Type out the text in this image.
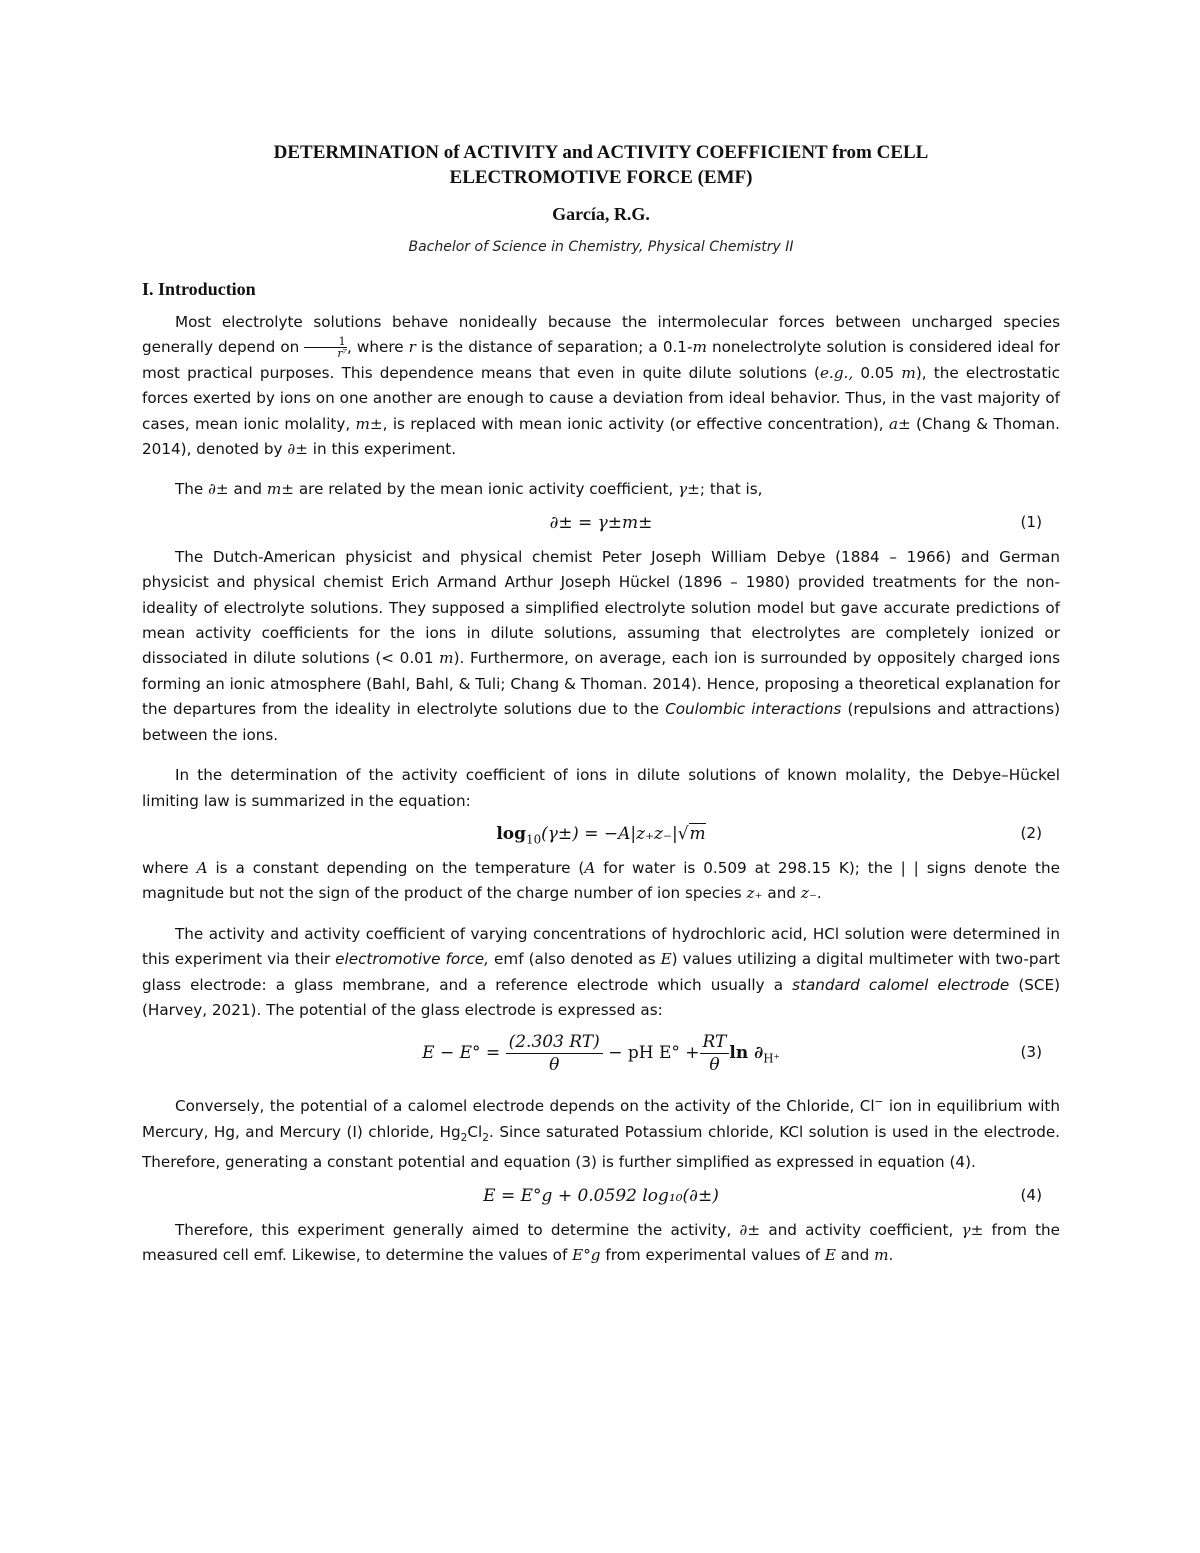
DETERMINATION of ACTIVITY and ACTIVITY COEFFICIENT from CELL
ELECTROMOTIVE FORCE (EMF)

García, R.G.

Bachelor of Science in Chemistry, Physical Chemistry II

I. Introduction

Most electrolyte solutions behave nonideally because the intermolecular forces between uncharged species generally depend on $\frac{1}{\text{r⁷}}$ , where r is the distance of separation; a 0.1-m nonelectrolyte solution is considered ideal for most practical purposes. This dependence means that even in quite dilute solutions (e.g., 0.05 m), the electrostatic forces exerted by ions on one another are enough to cause a deviation from ideal behavior. Thus, in the vast majority of cases, mean ionic molality, m±, is replaced with mean ionic activity (or effective concentration), a± (Chang & Thoman. 2014), denoted by ∂± in this experiment.

The ∂± and m± are related by the mean ionic activity coefficient, γ±; that is,

∂± = γ±m±	(1)

The Dutch-American physicist and physical chemist Peter Joseph William Debye (1884 – 1966) and German physicist and physical chemist Erich Armand Arthur Joseph Hückel (1896 – 1980) provided treatments for the non-ideality of electrolyte solutions. They supposed a simplified electrolyte solution model but gave accurate predictions of mean activity coefficients for the ions in dilute solutions, assuming that electrolytes are completely ionized or dissociated in dilute solutions (< 0.01 m). Furthermore, on average, each ion is surrounded by oppositely charged ions forming an ionic atmosphere (Bahl, Bahl, & Tuli; Chang & Thoman. 2014). Hence, proposing a theoretical explanation for the departures from the ideality in electrolyte solutions due to the Coulombic interactions (repulsions and attractions) between the ions.

In the determination of the activity coefficient of ions in dilute solutions of known molality, the Debye–Hückel limiting law is summarized in the equation:

$\log_{10}(\gamma\pm) = -A|z_+z_-|√m$	(2)

where A is a constant depending on the temperature (A for water is 0.509 at 298.15 K); the | | signs denote the magnitude but not the sign of the product of the charge number of ion species z₊ and z₋.

The activity and activity coefficient of varying concentrations of hydrochloric acid, HCl solution were determined in this experiment via their electromotive force, emf (also denoted as E) values utilizing a digital multimeter with two-part glass electrode: a glass membrane, and a reference electrode which usually a standard calomel electrode (SCE) (Harvey, 2021). The potential of the glass electrode is expressed as:

$E - E^\circ = \frac{(2.303 RT)}{\theta}$ − pH $E^\circ + \frac{RT}{\theta}$ $\ln \partial_{H^+}$	(3)

Conversely, the potential of a calomel electrode depends on the activity of the Chloride, Cl− ion in equilibrium with Mercury, Hg, and Mercury (I) chloride, $Hg_2Cl_2$. Since saturated Potassium chloride, KCl solution is used in the electrode. Therefore, generating a constant potential and equation (3) is further simplified as expressed in equation (4).

E = E°g + 0.0592 log₁₀(∂±)	(4)

Therefore, this experiment generally aimed to determine the activity, ∂± and activity coefficient, γ± from the measured cell emf. Likewise, to determine the values of E°g from experimental values of E and m.
